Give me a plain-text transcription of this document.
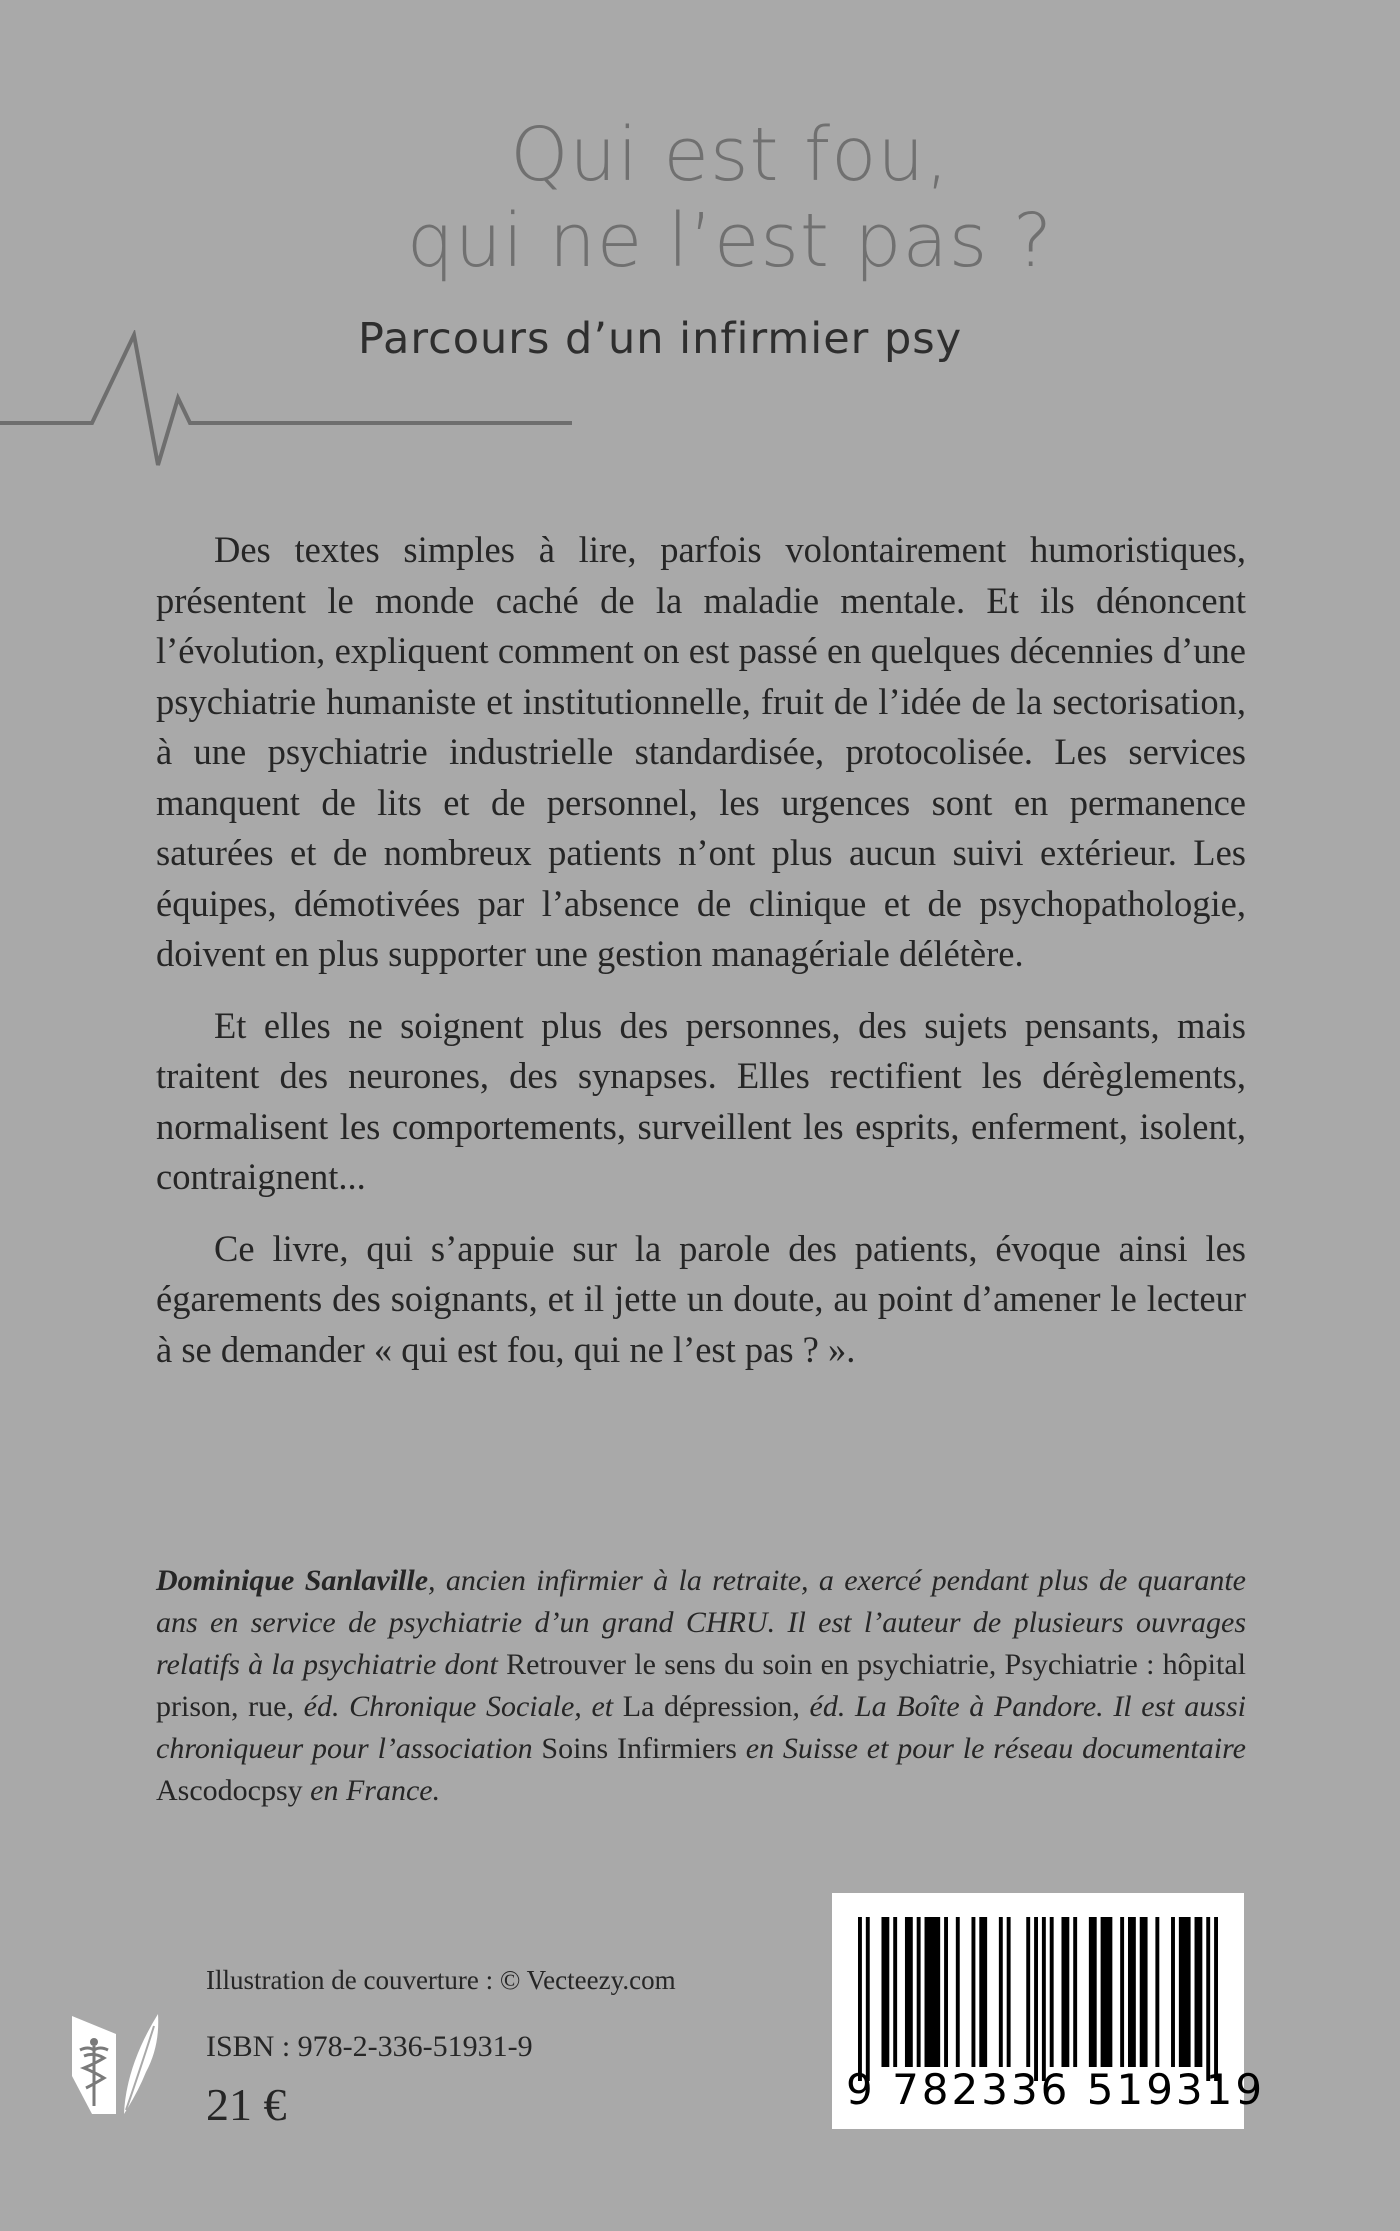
Qui est fou,
qui ne l’est pas ?
Parcours d’un infirmier psy

Des textes simples à lire, parfois volontairement humoristiques, présentent le monde caché de la maladie mentale. Et ils dénoncent l’évolution, expliquent comment on est passé en quelques décennies d’une psychiatrie humaniste et institutionnelle, fruit de l’idée de la sectorisation, à une psychiatrie industrielle standardisée, protocolisée. Les services manquent de lits et de personnel, les urgences sont en permanence saturées et de nombreux patients n’ont plus aucun suivi extérieur. Les équipes, démotivées par l’absence de clinique et de psychopathologie, doivent en plus supporter une gestion managériale délétère.

Et elles ne soignent plus des personnes, des sujets pensants, mais traitent des neurones, des synapses. Elles rectifient les dérèglements, normalisent les comportements, surveillent les esprits, enferment, isolent, contraignent...

Ce livre, qui s’appuie sur la parole des patients, évoque ainsi les égarements des soignants, et il jette un doute, au point d’amener le lecteur à se demander « qui est fou, qui ne l’est pas ? ».

Dominique Sanlaville, ancien infirmier à la retraite, a exercé pendant plus de quarante ans en service de psychiatrie d’un grand CHRU. Il est l’auteur de plusieurs ouvrages relatifs à la psychiatrie dont Retrouver le sens du soin en psychiatrie, Psychiatrie : hôpital prison, rue, éd. Chronique Sociale, et La dépression, éd. La Boîte à Pandore. Il est aussi chroniqueur pour l’association Soins Infirmiers en Suisse et pour le réseau documentaire Ascodocpsy en France.
Illustration de couverture : © Vecteezy.com
ISBN : 978-2-336-51931-9
21 €	9 782336 519319
